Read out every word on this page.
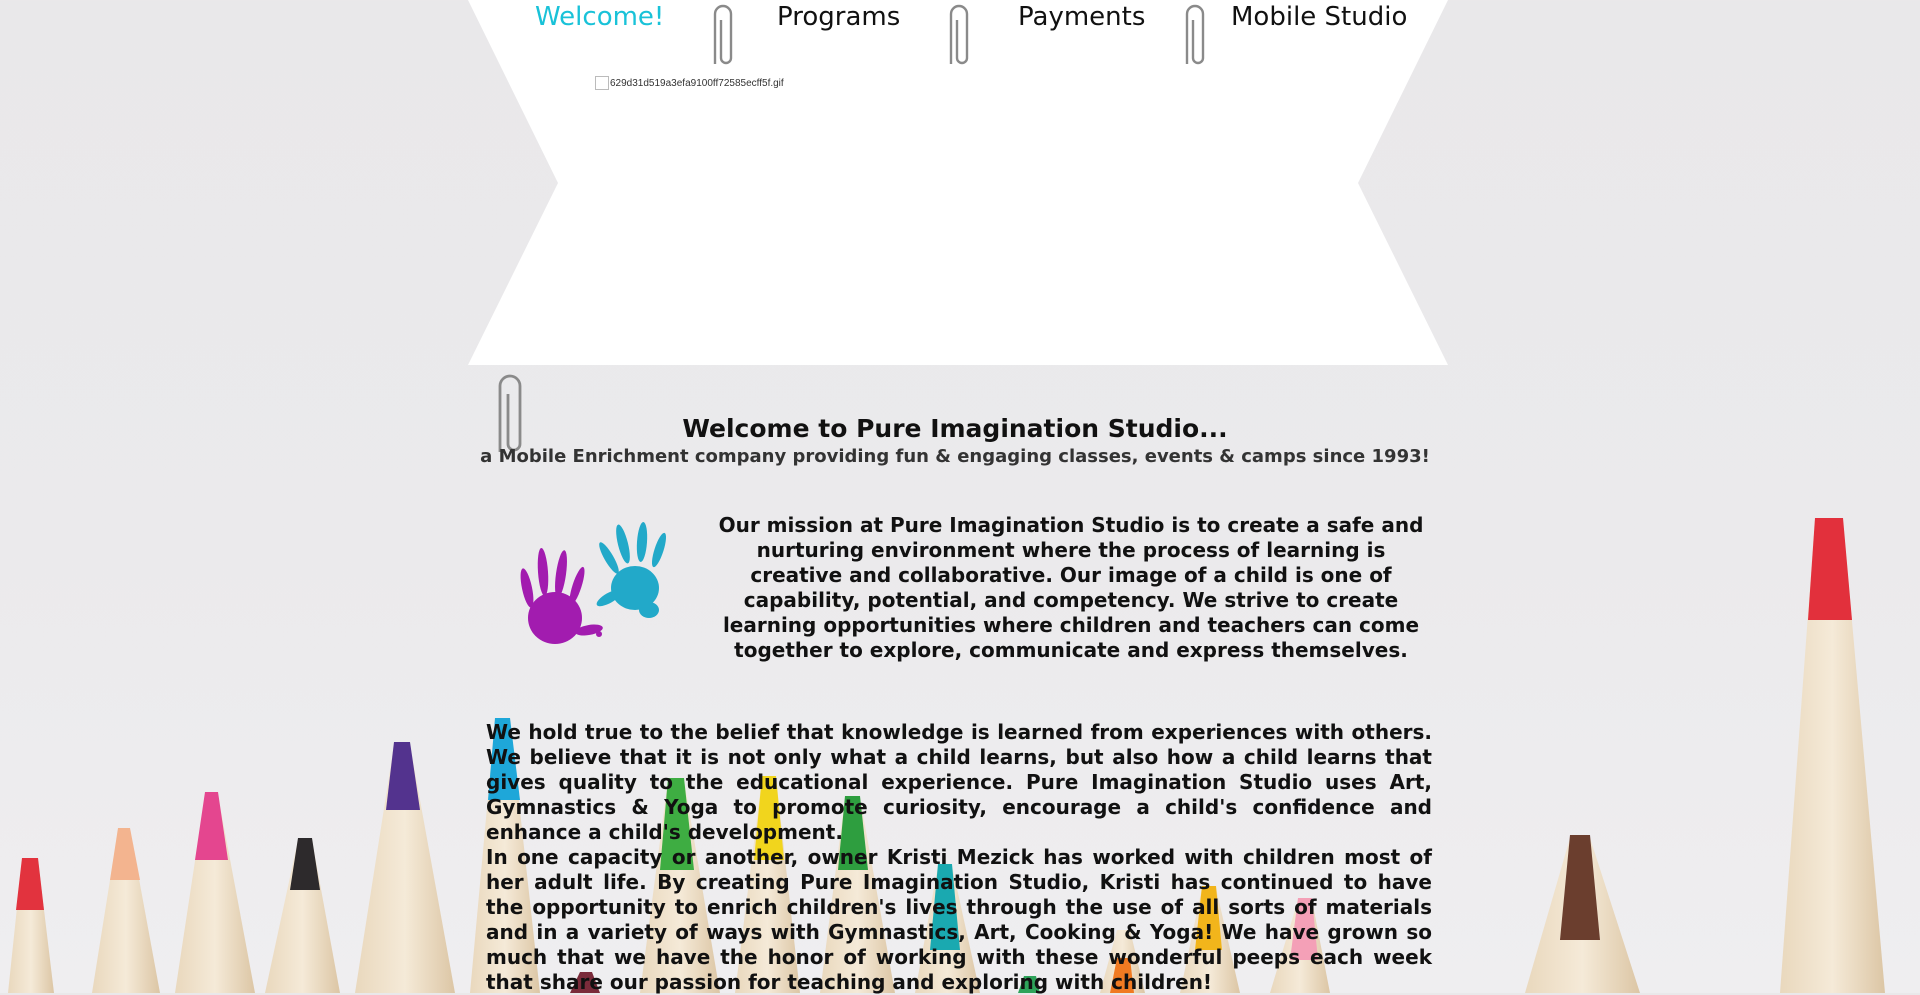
Welcome!	Programs	Payments	Mobile Studio
629d31d519a3efa9100ff72585ecff5f.gif
Welcome to Pure Imagination Studio...

a Mobile Enrichment company providing fun & engaging classes, events & camps since 1993!

Our mission at Pure Imagination Studio is to create a safe and nurturing environment where the process of learning is creative and collaborative. Our image of a child is one of capability, potential, and competency. We strive to create learning opportunities where children and teachers can come together to explore, communicate and express themselves.

We hold true to the belief that knowledge is learned from experiences with others. We believe that it is not only what a child learns, but also how a child learns that gives quality to the educational experience. Pure Imagination Studio uses Art, Gymnastics & Yoga to promote curiosity, encourage a child's confidence and enhance a child's development.

In one capacity or another, owner Kristi Mezick has worked with children most of her adult life. By creating Pure Imagination Studio, Kristi has continued to have the opportunity to enrich children's lives through the use of all sorts of materials and in a variety of ways with Gymnastics, Art, Cooking & Yoga! We have grown so much that we have the honor of working with these wonderful peeps each week that share our passion for teaching and exploring with children!
